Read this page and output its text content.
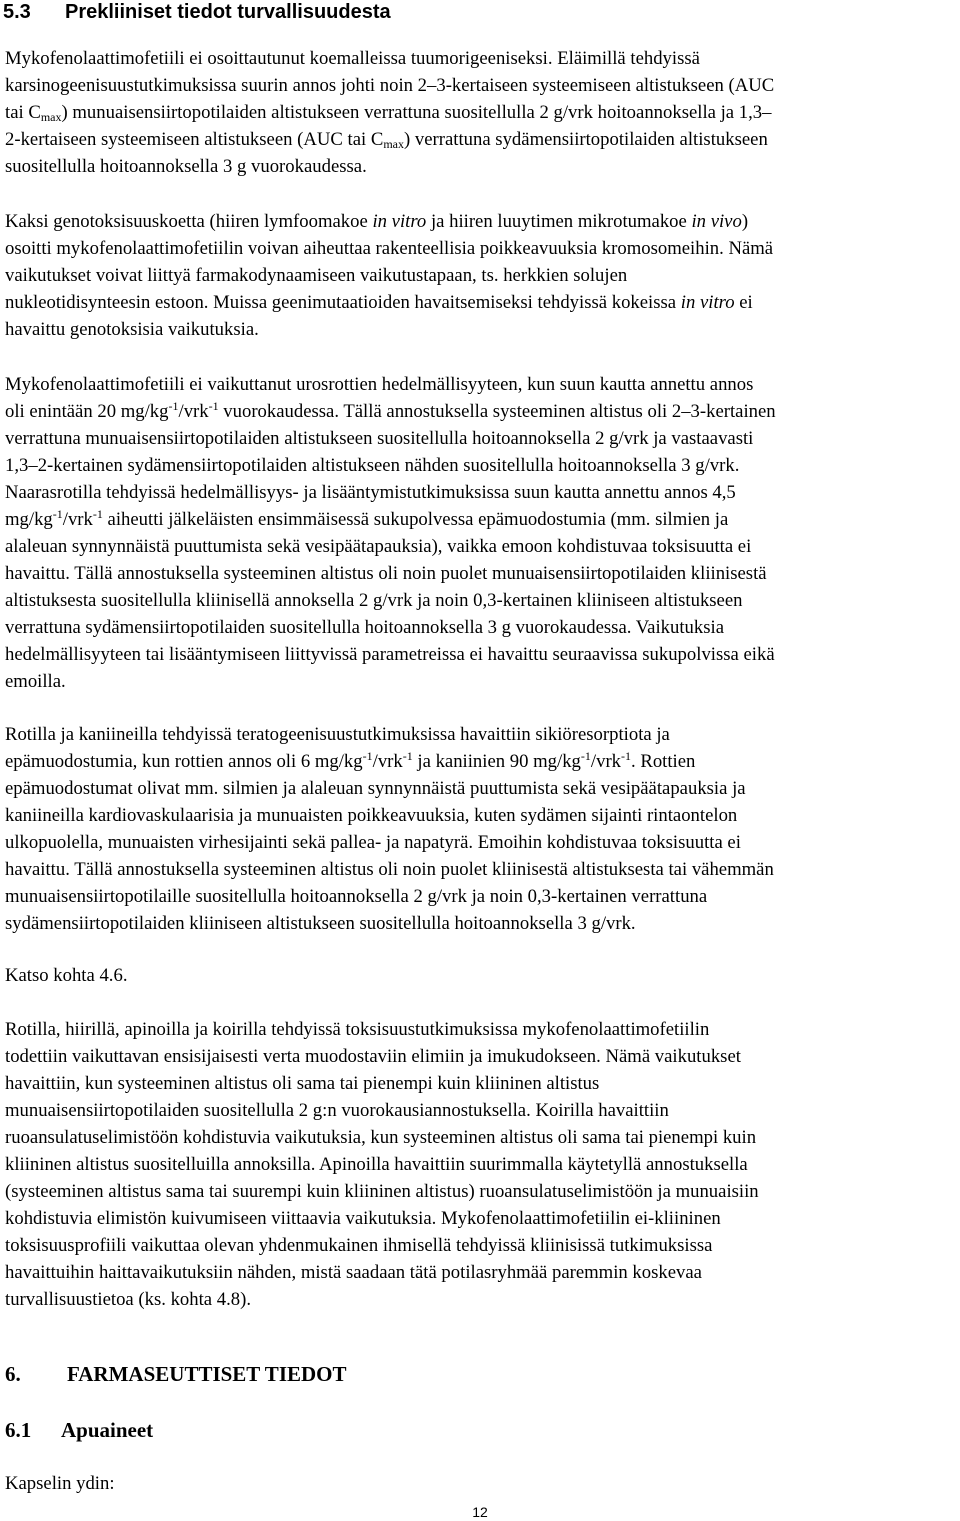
5.3 Prekliiniset tiedot turvallisuudesta
Mykofenolaattimofetiili ei osoittautunut koemalleissa tuumorigeeniseksi. Eläimillä tehdyissä
karsinogeenisuustutkimuksissa suurin annos johti noin 2–3-kertaiseen systeemiseen altistukseen (AUC
tai $C_{max}$) munuaisensiirtopotilaiden altistukseen verrattuna suositellulla 2 g/vrk hoitoannoksella ja 1,3–
2-kertaiseen systeemiseen altistukseen (AUC tai $C_{max}$) verrattuna sydämensiirtopotilaiden altistukseen
suositellulla hoitoannoksella 3 g vuorokaudessa.
Kaksi genotoksisuuskoetta (hiiren lymfoomakoe in vitro ja hiiren luuytimen mikrotumakoe in vivo)
osoitti mykofenolaattimofetiilin voivan aiheuttaa rakenteellisia poikkeavuuksia kromosomeihin. Nämä
vaikutukset voivat liittyä farmakodynaamiseen vaikutustapaan, ts. herkkien solujen
nukleotidisynteesin estoon. Muissa geenimutaatioiden havaitsemiseksi tehdyissä kokeissa in vitro ei
havaittu genotoksisia vaikutuksia.
Mykofenolaattimofetiili ei vaikuttanut urosrottien hedelmällisyyteen, kun suun kautta annettu annos
oli enintään 20 $mg/kg^{-1}/vrk^{-1}$ vuorokaudessa. Tällä annostuksella systeeminen altistus oli 2–3-kertainen
verrattuna munuaisensiirtopotilaiden altistukseen suositellulla hoitoannoksella 2 g/vrk ja vastaavasti
1,3–2-kertainen sydämensiirtopotilaiden altistukseen nähden suositellulla hoitoannoksella 3 g/vrk.
Naarasrotilla tehdyissä hedelmällisyys- ja lisääntymistutkimuksissa suun kautta annettu annos 4,5
$mg/kg^{-1}/vrk^{-1}$ aiheutti jälkeläisten ensimmäisessä sukupolvessa epämuodostumia (mm. silmien ja
alaleuan synnynnäistä puuttumista sekä vesipäätapauksia), vaikka emoon kohdistuvaa toksisuutta ei
havaittu. Tällä annostuksella systeeminen altistus oli noin puolet munuaisensiirtopotilaiden kliinisestä
altistuksesta suositellulla kliinisellä annoksella 2 g/vrk ja noin 0,3-kertainen kliiniseen altistukseen
verrattuna sydämensiirtopotilaiden suositellulla hoitoannoksella 3 g vuorokaudessa. Vaikutuksia
hedelmällisyyteen tai lisääntymiseen liittyvissä parametreissa ei havaittu seuraavissa sukupolvissa eikä
emoilla.
Rotilla ja kaniineilla tehdyissä teratogeenisuustutkimuksissa havaittiin sikiöresorptiota ja
epämuodostumia, kun rottien annos oli 6 $mg/kg^{-1}/vrk^{-1}$ ja kaniinien 90 $mg/kg^{-1}/vrk^{-1}$. Rottien
epämuodostumat olivat mm. silmien ja alaleuan synnynnäistä puuttumista sekä vesipäätapauksia ja
kaniineilla kardiovaskulaarisia ja munuaisten poikkeavuuksia, kuten sydämen sijainti rintaontelon
ulkopuolella, munuaisten virhesijainti sekä pallea- ja napatyrä. Emoihin kohdistuvaa toksisuutta ei
havaittu. Tällä annostuksella systeeminen altistus oli noin puolet kliinisestä altistuksesta tai vähemmän
munuaisensiirtopotilaille suositellulla hoitoannoksella 2 g/vrk ja noin 0,3-kertainen verrattuna
sydämensiirtopotilaiden kliiniseen altistukseen suositellulla hoitoannoksella 3 g/vrk.
Katso kohta 4.6.
Rotilla, hiirillä, apinoilla ja koirilla tehdyissä toksisuustutkimuksissa mykofenolaattimofetiilin
todettiin vaikuttavan ensisijaisesti verta muodostaviin elimiin ja imukudokseen. Nämä vaikutukset
havaittiin, kun systeeminen altistus oli sama tai pienempi kuin kliininen altistus
munuaisensiirtopotilaiden suositellulla 2 g:n vuorokausiannostuksella. Koirilla havaittiin
ruoansulatuselimistöön kohdistuvia vaikutuksia, kun systeeminen altistus oli sama tai pienempi kuin
kliininen altistus suositelluilla annoksilla. Apinoilla havaittiin suurimmalla käytetyllä annostuksella
(systeeminen altistus sama tai suurempi kuin kliininen altistus) ruoansulatuselimistöön ja munuaisiin
kohdistuvia elimistön kuivumiseen viittaavia vaikutuksia. Mykofenolaattimofetiilin ei-kliininen
toksisuusprofiili vaikuttaa olevan yhdenmukainen ihmisellä tehdyissä kliinisissä tutkimuksissa
havaittuihin haittavaikutuksiin nähden, mistä saadaan tätä potilasryhmää paremmin koskevaa
turvallisuustietoa (ks. kohta 4.8).
6. FARMASEUTTISET TIEDOT
6.1 Apuaineet
Kapselin ydin:
12
